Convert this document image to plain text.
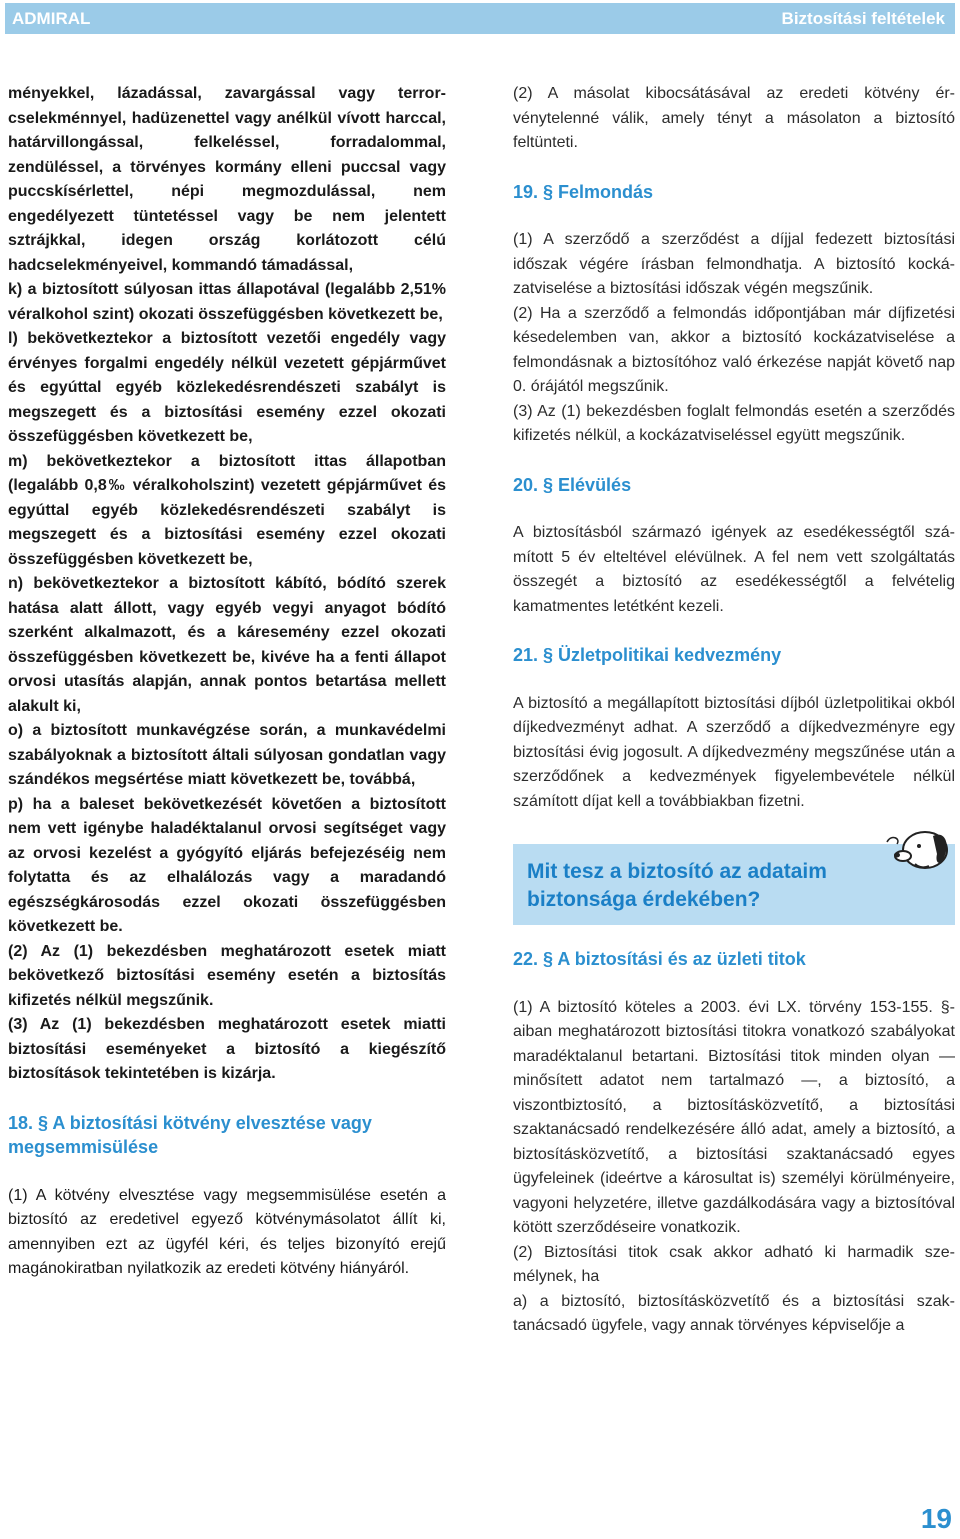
ADMIRAL	Biztosítási feltételek

ményekkel, lázadással, zavargással vagy terrorcselekménnyel, hadüzenettel vagy anélkül vívott harccal, határvillongással, felkeléssel, forradalommal, zendüléssel, a törvényes kormány elleni puccsal vagy puccskísérlettel, népi megmozdulással, nem engedélyezett tüntetéssel vagy be nem jelentett sztrájkkal, idegen ország korlátozott célú hadcselekményeivel, kommandó támadással,

k) a biztosított súlyosan ittas állapotával (legalább 2,51% véralkohol szint) okozati összefüggésben következett be,

l) bekövetkeztekor a biztosított vezetői engedély vagy érvényes forgalmi engedély nélkül vezetett gépjárművet és egyúttal egyéb közlekedésrendészeti szabályt is megszegett és a biztosítási esemény ezzel okozati összefüggésben következett be,

m) bekövetkeztekor a biztosított ittas állapotban (legalább 0,8‰ véralkoholszint) vezetett gépjárművet és egyúttal egyéb közlekedésrendészeti szabályt is megszegett és a biztosítási esemény ezzel okozati összefüggésben következett be,

n) bekövetkeztekor a biztosított kábító, bódító szerek hatása alatt állott, vagy egyéb vegyi anyagot bódító szerként alkalmazott, és a káresemény ezzel okozati összefüggésben következett be, kivéve ha a fenti állapot orvosi utasítás alapján, annak pontos betartása mellett alakult ki,

o) a biztosított munkavégzése során, a munkavédelmi szabályoknak a biztosított általi súlyosan gondatlan vagy szándékos megsértése miatt következett be, továbbá,

p) ha a baleset bekövetkezését követően a biztosított nem vett igénybe haladéktalanul orvosi segítséget vagy az orvosi kezelést a gyógyító eljárás befejezéséig nem folytatta és az elhalálozás vagy a maradandó egészségkárosodás ezzel okozati összefüggésben következett be.

(2) Az (1) bekezdésben meghatározott esetek miatt bekövetkező biztosítási esemény esetén a biztosítás kifizetés nélkül megszűnik.

(3) Az (1) bekezdésben meghatározott esetek miatti biztosítási eseményeket a biztosító a kiegészítő biztosítások tekintetében is kizárja.

18. § A biztosítási kötvény elvesztése vagy megsemmisülése

(1) A kötvény elvesztése vagy megsemmisülése esetén a biztosító az eredetivel egyező kötvénymásolatot állít ki, amennyiben ezt az ügyfél kéri, és teljes bizonyító erejű magánokiratban nyilatkozik az eredeti kötvény hiányáról.

(2) A másolat kibocsátásával az eredeti kötvény érvénytelenné válik, amely tényt a másolaton a biztosító feltünteti.

19. § Felmondás

(1) A szerződő a szerződést a díjjal fedezett biztosítási időszak végére írásban felmondhatja. A biztosító kockázatviselése a biztosítási időszak végén megszűnik.

(2) Ha a szerződő a felmondás időpontjában már díjfizetési késedelemben van, akkor a biztosító kockázatviselése a felmondásnak a biztosítóhoz való érkezése napját követő nap 0. órájától megszűnik.

(3) Az (1) bekezdésben foglalt felmondás esetén a szerződés kifizetés nélkül, a kockázatviseléssel együtt megszűnik.

20. § Elévülés

A biztosításból származó igények az esedékességtől számított 5 év elteltével elévülnek. A fel nem vett szolgáltatás összegét a biztosító az esedékességtől a felvételig kamatmentes letétként kezeli.

21. § Üzletpolitikai kedvezmény

A biztosító a megállapított biztosítási díjból üzletpolitikai okból díjkedvezményt adhat. A szerződő a díjkedvezményre egy biztosítási évig jogosult. A díjkedvezmény megszűnése után a szerződőnek a kedvezmények figyelembevétele nélkül számított díjat kell a továbbiakban fizetni.

Mit tesz a biztosító az adataim biztonsága érdekében?

22. § A biztosítási és az üzleti titok

(1) A biztosító köteles a 2003. évi LX. törvény 153-155. §-aiban meghatározott biztosítási titokra vonatkozó szabályokat maradéktalanul betartani. Biztosítási titok minden olyan — minősített adatot nem tartalmazó —, a biztosító, a viszontbiztosító, a biztosításközvetítő, a biztosítási szaktanácsadó rendelkezésére álló adat, amely a biztosító, a biztosításközvetítő, a biztosítási szaktanácsadó egyes ügyfeleinek (ideértve a károsultat is) személyi körülményeire, vagyoni helyzetére, illetve gazdálkodására vagy a biztosítóval kötött szerződéseire vonatkozik.

(2) Biztosítási titok csak akkor adható ki harmadik személynek, ha

a) a biztosító, biztosításközvetítő és a biztosítási szaktanácsadó ügyfele, vagy annak törvényes képviselője a

19
